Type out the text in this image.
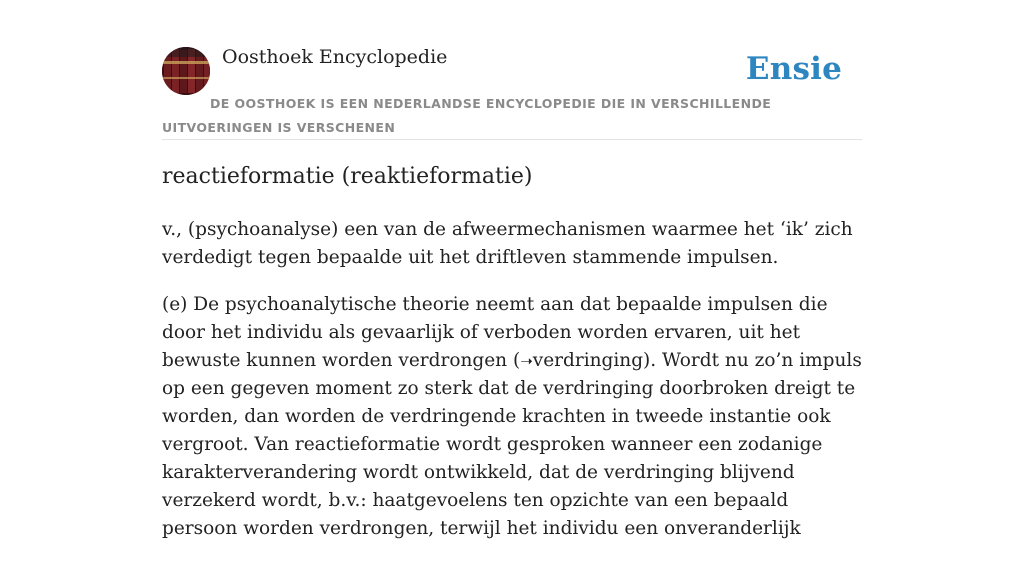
Oosthoek Encyclopedie	Ensie
DE OOSTHOEK IS EEN NEDERLANDSE ENCYCLOPEDIE DIE IN VERSCHILLENDE UITVOERINGEN IS VERSCHENEN
reactieformatie (reaktieformatie)

v., (psychoanalyse) een van de afweermechanismen waarmee het ‘ik’ zich verdedigt tegen bepaalde uit het driftleven stammende impulsen.

(e) De psychoanalytische theorie neemt aan dat bepaalde impulsen die door het individu als gevaarlijk of verboden worden ervaren, uit het bewuste kunnen worden verdrongen (➝verdringing). Wordt nu zo’n impuls op een gegeven moment zo sterk dat de verdringing doorbroken dreigt te worden, dan worden de verdringende krachten in tweede instantie ook vergroot. Van reactieformatie wordt gesproken wanneer een zodanige karakterverandering wordt ontwikkeld, dat de verdringing blijvend verzekerd wordt, b.v.: haatgevoelens ten opzichte van een bepaald persoon worden verdrongen, terwijl het individu een onveranderlijk
